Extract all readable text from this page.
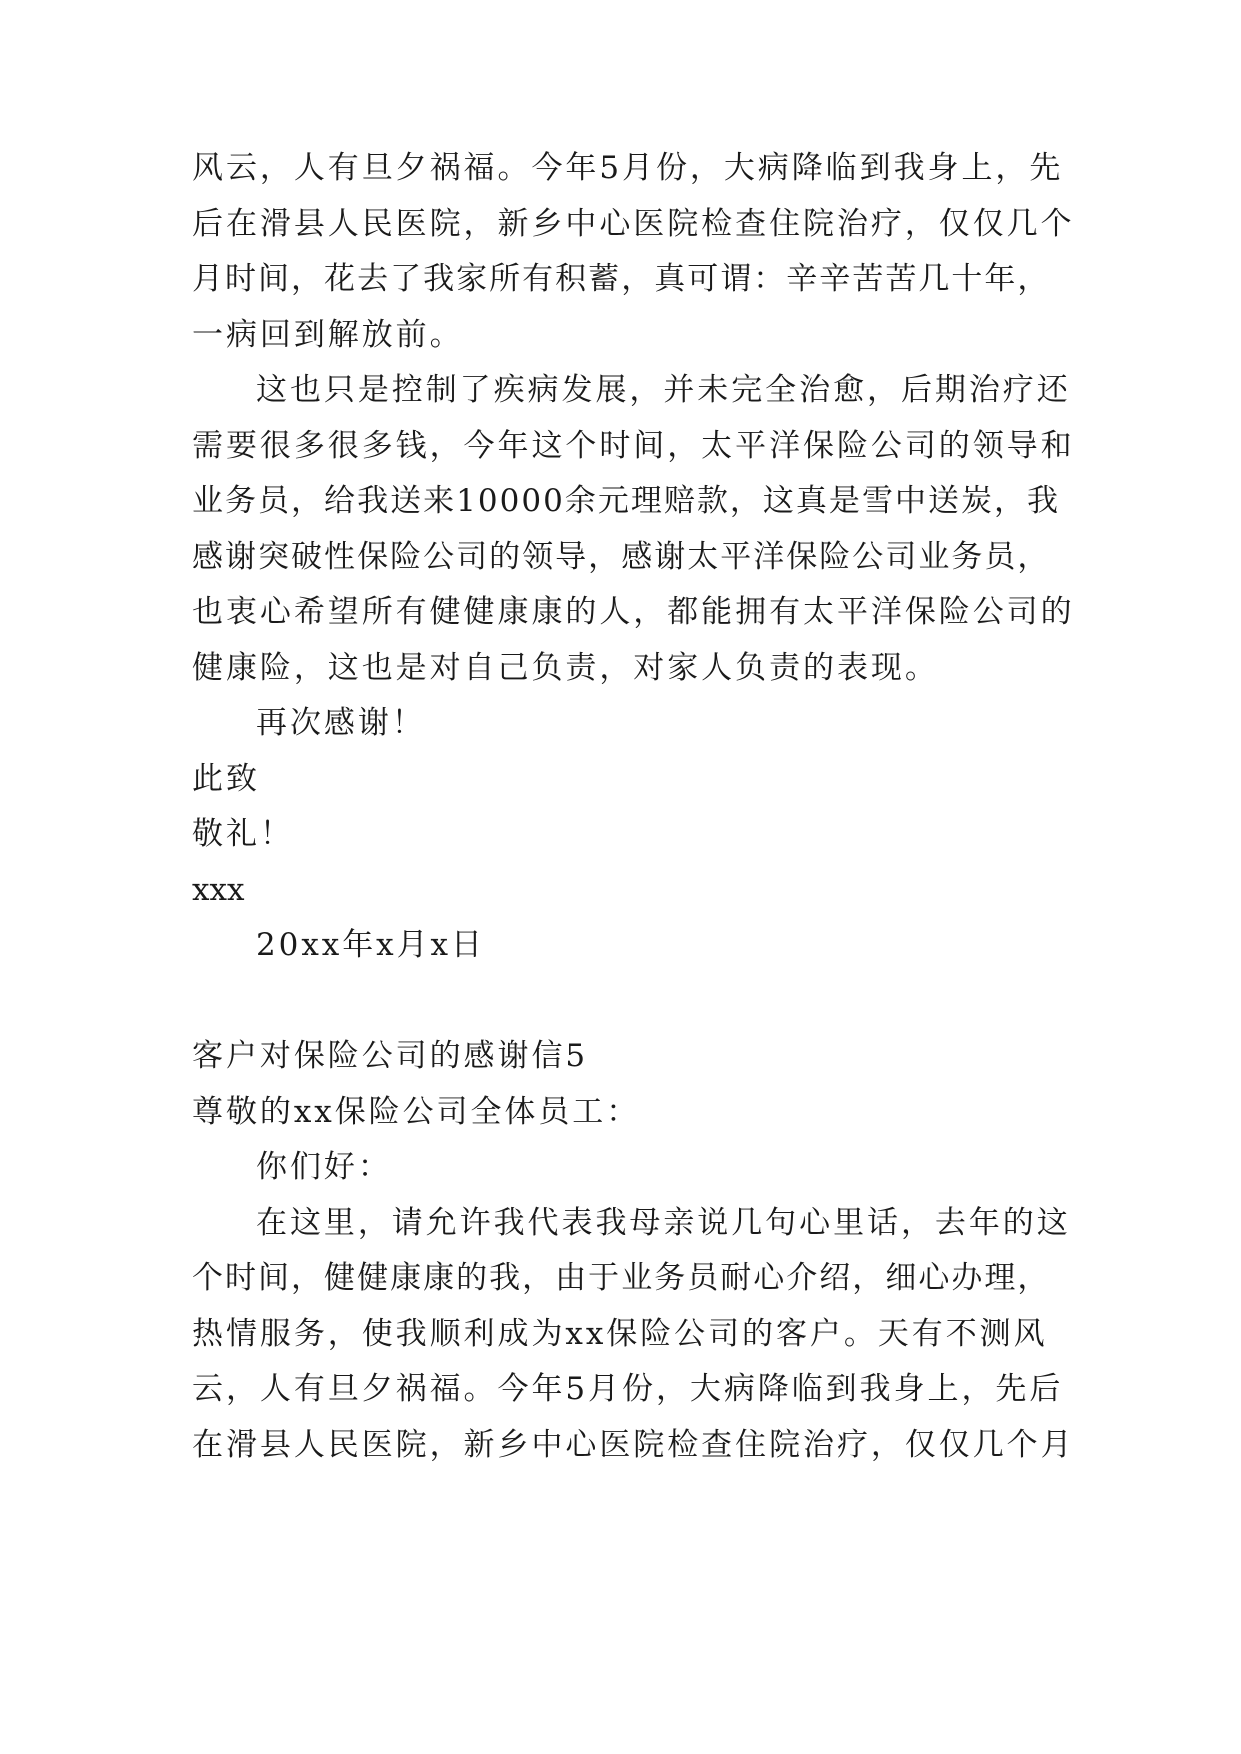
风云，人有旦夕祸福。今年5月份，大病降临到我身上，先
后在滑县人民医院，新乡中心医院检查住院治疗，仅仅几个
月时间，花去了我家所有积蓄，真可谓：辛辛苦苦几十年，
一病回到解放前。
这也只是控制了疾病发展，并未完全治愈，后期治疗还
需要很多很多钱，今年这个时间，太平洋保险公司的领导和
业务员，给我送来10000余元理赔款，这真是雪中送炭，我
感谢突破性保险公司的领导，感谢太平洋保险公司业务员，
也衷心希望所有健健康康的人，都能拥有太平洋保险公司的
健康险，这也是对自己负责，对家人负责的表现。
再次感谢！
此致
敬礼！
xxx
20xx年x月x日
客户对保险公司的感谢信5
尊敬的xx保险公司全体员工：
你们好：
在这里，请允许我代表我母亲说几句心里话，去年的这
个时间，健健康康的我，由于业务员耐心介绍，细心办理，
热情服务，使我顺利成为xx保险公司的客户。天有不测风
云，人有旦夕祸福。今年5月份，大病降临到我身上，先后
在滑县人民医院，新乡中心医院检查住院治疗，仅仅几个月
